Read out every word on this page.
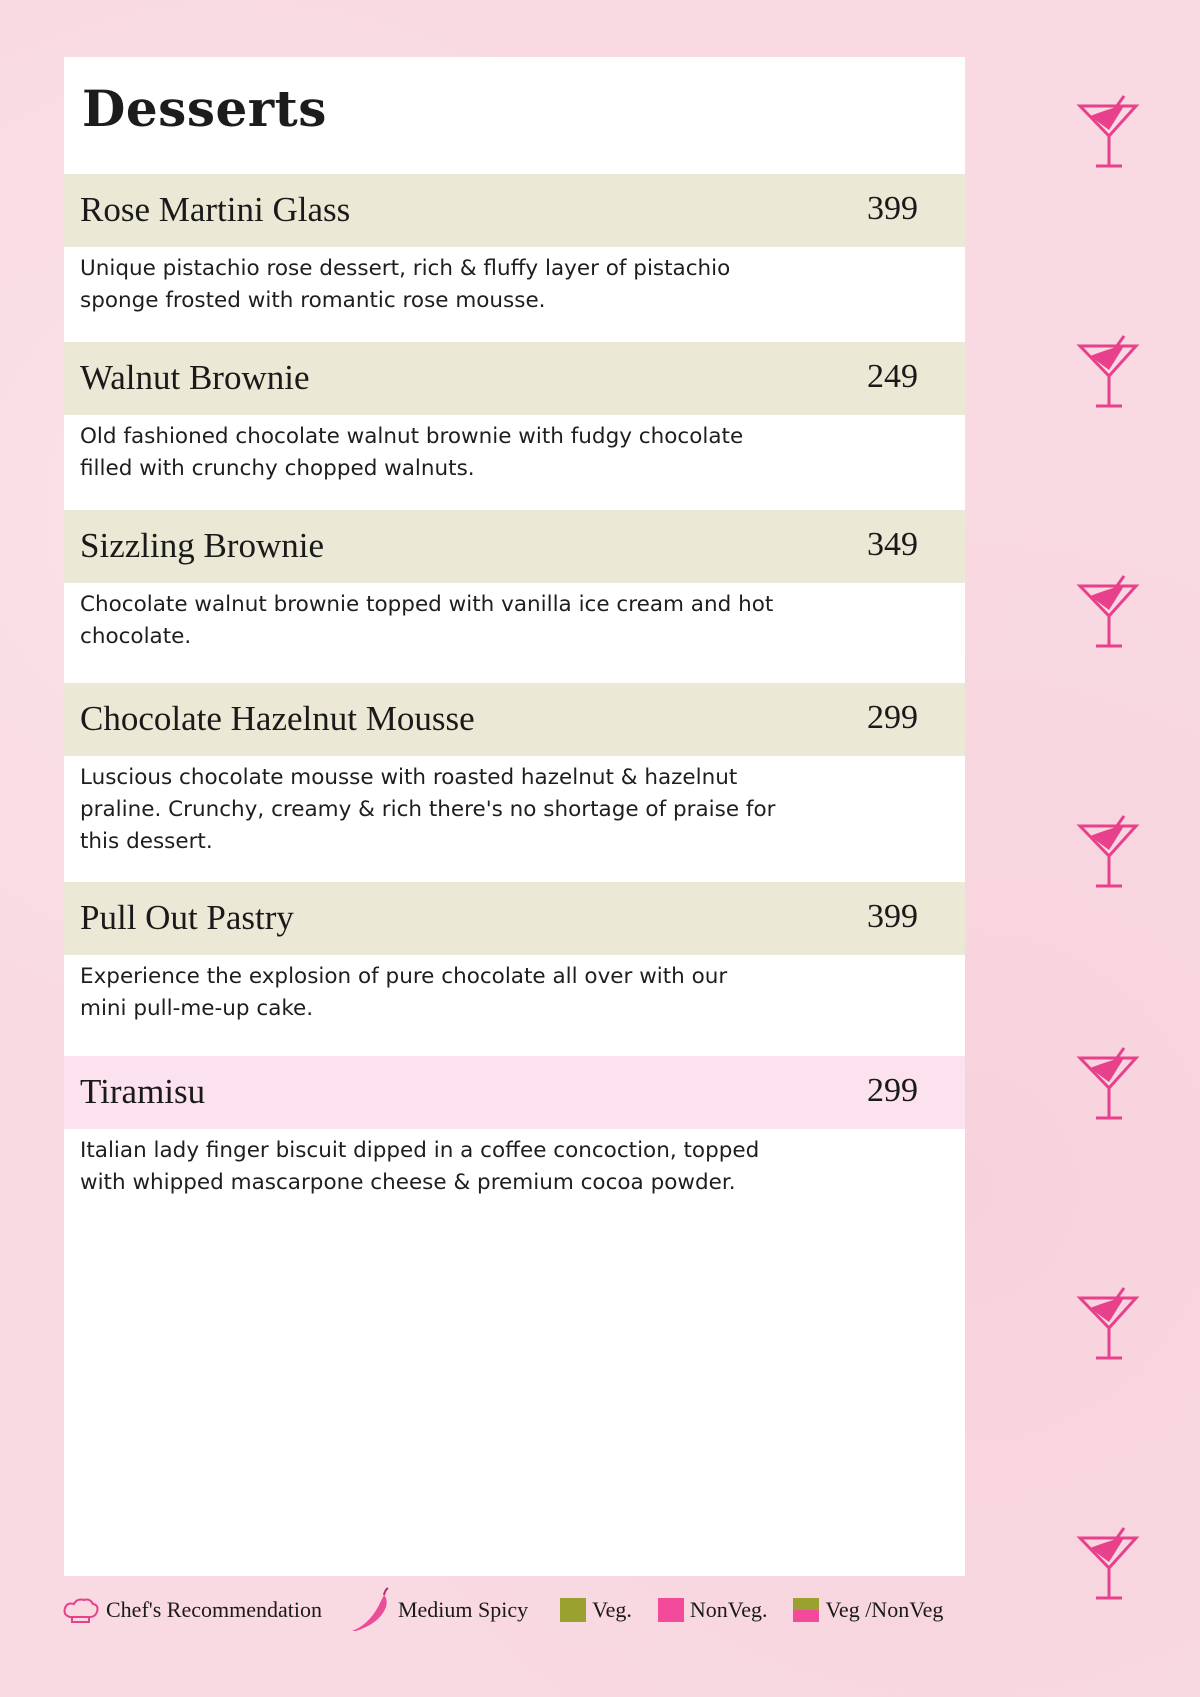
Desserts
Rose Martini Glass	399
Unique pistachio rose dessert, rich & fluffy layer of pistachio sponge frosted with romantic rose mousse.
Walnut Brownie	249
Old fashioned chocolate walnut brownie with fudgy chocolate filled with crunchy chopped walnuts.
Sizzling Brownie	349
Chocolate walnut brownie topped with vanilla ice cream and hot chocolate.
Chocolate Hazelnut Mousse	299
Luscious chocolate mousse with roasted hazelnut & hazelnut praline. Crunchy, creamy & rich there's no shortage of praise for this dessert.
Pull Out Pastry	399
Experience the explosion of pure chocolate all over with our mini pull-me-up cake.
Tiramisu	299
Italian lady finger biscuit dipped in a coffee concoction, topped with whipped mascarpone cheese & premium cocoa powder.
Chef's Recommendation	Medium Spicy	Veg.	NonVeg.	Veg /NonVeg
